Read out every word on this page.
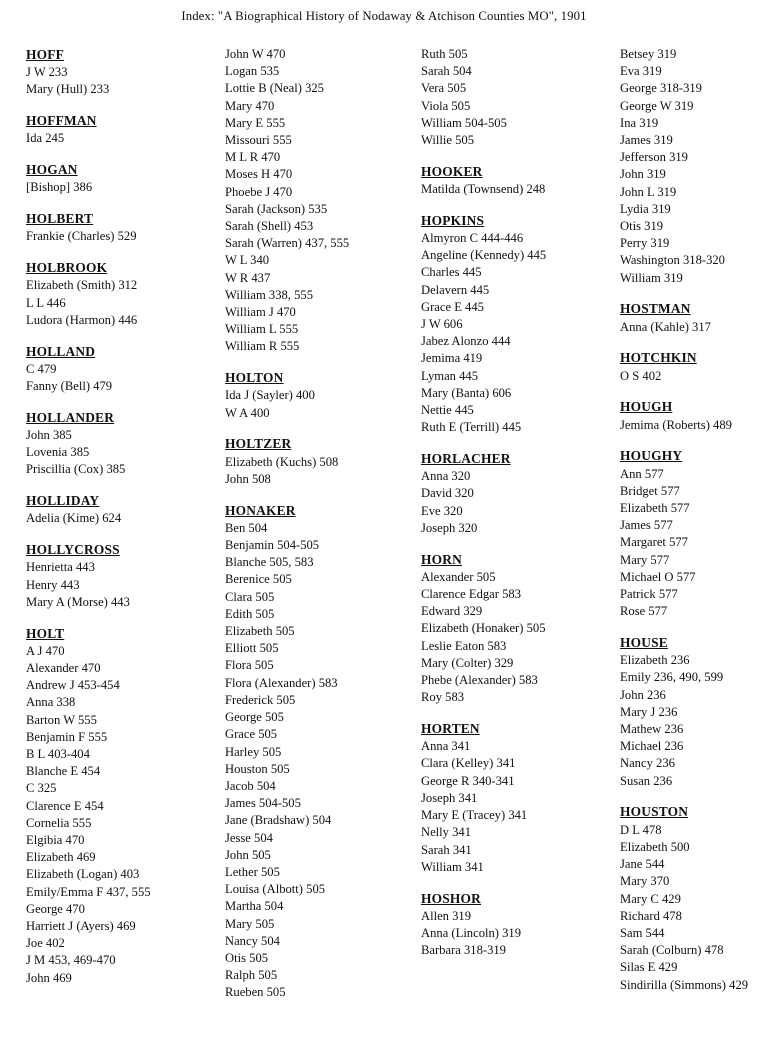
Index: "A Biographical History of Nodaway & Atchison Counties MO", 1901
HOFF
J W 233
Mary (Hull) 233
HOFFMAN
Ida 245
HOGAN
[Bishop] 386
HOLBERT
Frankie (Charles) 529
HOLBROOK
Elizabeth (Smith) 312
L L 446
Ludora (Harmon) 446
HOLLAND
C 479
Fanny (Bell) 479
HOLLANDER
John 385
Lovenia 385
Priscillia (Cox) 385
HOLLIDAY
Adelia (Kime) 624
HOLLYCROSS
Henrietta 443
Henry 443
Mary A (Morse) 443
HOLT
A J 470
Alexander 470
Andrew J 453-454
Anna 338
Barton W 555
Benjamin F 555
B L 403-404
Blanche E 454
C 325
Clarence E 454
Cornelia 555
Elgibia 470
Elizabeth 469
Elizabeth (Logan) 403
Emily/Emma F 437, 555
George 470
Harriett J (Ayers) 469
Joe 402
J M 453, 469-470
John 469
John W 470
Logan 535
Lottie B (Neal) 325
Mary 470
Mary E 555
Missouri 555
M L R 470
Moses H 470
Phoebe J 470
Sarah (Jackson) 535
Sarah (Shell) 453
Sarah (Warren) 437, 555
W L 340
W R 437
William 338, 555
William J 470
William L 555
William R 555
HOLTON
Ida J (Sayler) 400
W A 400
HOLTZER
Elizabeth (Kuchs) 508
John 508
HONAKER
Ben 504
Benjamin 504-505
Blanche 505, 583
Berenice 505
Clara 505
Edith 505
Elizabeth 505
Elliott 505
Flora 505
Flora (Alexander) 583
Frederick 505
George 505
Grace 505
Harley 505
Houston 505
Jacob 504
James 504-505
Jane (Bradshaw) 504
Jesse 504
John 505
Lether 505
Louisa (Albott) 505
Martha 504
Mary 505
Nancy 504
Otis 505
Ralph 505
Rueben 505
Ruth 505
Sarah 504
Vera 505
Viola 505
William 504-505
Willie 505
HOOKER
Matilda (Townsend) 248
HOPKINS
Almyron C 444-446
Angeline (Kennedy) 445
Charles 445
Delavern 445
Grace E 445
J W 606
Jabez Alonzo 444
Jemima 419
Lyman 445
Mary (Banta) 606
Nettie 445
Ruth E (Terrill) 445
HORLACHER
Anna 320
David 320
Eve 320
Joseph 320
HORN
Alexander 505
Clarence Edgar 583
Edward 329
Elizabeth (Honaker) 505
Leslie Eaton 583
Mary (Colter) 329
Phebe (Alexander) 583
Roy 583
HORTEN
Anna 341
Clara (Kelley) 341
George R 340-341
Joseph 341
Mary E (Tracey) 341
Nelly 341
Sarah 341
William 341
HOSHOR
Allen 319
Anna (Lincoln) 319
Barbara 318-319
Betsey 319
Eva 319
George 318-319
George W 319
Ina 319
James 319
Jefferson 319
John 319
John L 319
Lydia 319
Otis 319
Perry 319
Washington 318-320
William 319
HOSTMAN
Anna (Kahle) 317
HOTCHKIN
O S 402
HOUGH
Jemima (Roberts) 489
HOUGHY
Ann 577
Bridget 577
Elizabeth 577
James 577
Margaret 577
Mary 577
Michael O 577
Patrick 577
Rose 577
HOUSE
Elizabeth 236
Emily 236, 490, 599
John 236
Mary J 236
Mathew 236
Michael 236
Nancy 236
Susan 236
HOUSTON
D L 478
Elizabeth 500
Jane 544
Mary 370
Mary C 429
Richard 478
Sam 544
Sarah (Colburn) 478
Silas E 429
Sindirilla (Simmons) 429
